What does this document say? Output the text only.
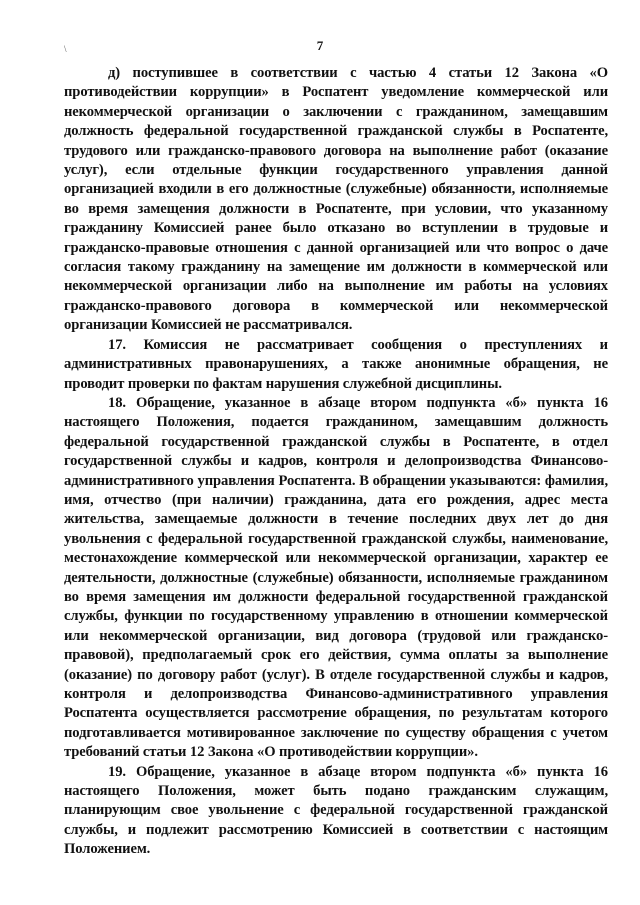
\	7

д) поступившее в соответствии с частью 4 статьи 12 Закона «О противодействии коррупции» в Роспатент уведомление коммерческой или некоммерческой организации о заключении с гражданином, замещавшим должность федеральной государственной гражданской службы в Роспатенте, трудового или гражданско-правового договора на выполнение работ (оказание услуг), если отдельные функции государственного управления данной организацией входили в его должностные (служебные) обязанности, исполняемые во время замещения должности в Роспатенте, при условии, что указанному гражданину Комиссией ранее было отказано во вступлении в трудовые и гражданско-правовые отношения с данной организацией или что вопрос о даче согласия такому гражданину на замещение им должности в коммерческой или некоммерческой организации либо на выполнение им работы на условиях гражданско-правового договора в коммерческой или некоммерческой организации Комиссией не рассматривался.

17. Комиссия не рассматривает сообщения о преступлениях и административных правонарушениях, а также анонимные обращения, не проводит проверки по фактам нарушения служебной дисциплины.

18. Обращение, указанное в абзаце втором подпункта «б» пункта 16 настоящего Положения, подается гражданином, замещавшим должность федеральной государственной гражданской службы в Роспатенте, в отдел государственной службы и кадров, контроля и делопроизводства Финансово-административного управления Роспатента. В обращении указываются: фамилия, имя, отчество (при наличии) гражданина, дата его рождения, адрес места жительства, замещаемые должности в течение последних двух лет до дня увольнения с федеральной государственной гражданской службы, наименование, местонахождение коммерческой или некоммерческой организации, характер ее деятельности, должностные (служебные) обязанности, исполняемые гражданином во время замещения им должности федеральной государственной гражданской службы, функции по государственному управлению в отношении коммерческой или некоммерческой организации, вид договора (трудовой или гражданско-правовой), предполагаемый срок его действия, сумма оплаты за выполнение (оказание) по договору работ (услуг). В отделе государственной службы и кадров, контроля и делопроизводства Финансово-административного управления Роспатента осуществляется рассмотрение обращения, по результатам которого подготавливается мотивированное заключение по существу обращения с учетом требований статьи 12 Закона «О противодействии коррупции».

19. Обращение, указанное в абзаце втором подпункта «б» пункта 16 настоящего Положения, может быть подано гражданским служащим, планирующим свое увольнение с федеральной государственной гражданской службы, и подлежит рассмотрению Комиссией в соответствии с настоящим Положением.
